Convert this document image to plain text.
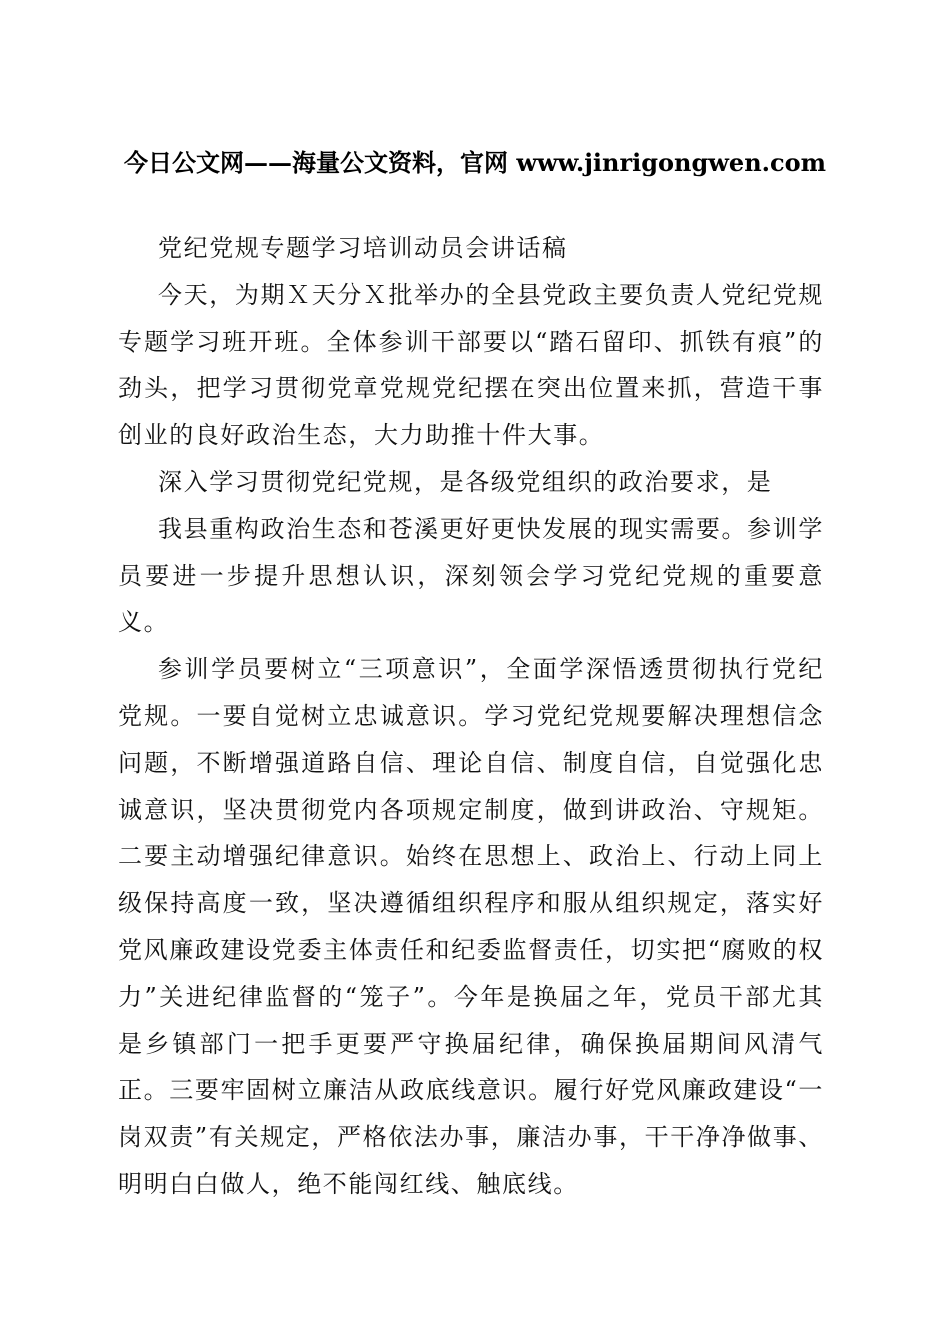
今日公文网——海量公文资料，官网 www.jinrigongwen.com

党纪党规专题学习培训动员会讲话稿

今天，为期Ｘ天分Ｘ批举办的全县党政主要负责人党纪党规专题学习班开班。全体参训干部要以“踏石留印、抓铁有痕”的劲头，把学习贯彻党章党规党纪摆在突出位置来抓，营造干事创业的良好政治生态，大力助推十件大事。

深入学习贯彻党纪党规，是各级党组织的政治要求，是

我县重构政治生态和苍溪更好更快发展的现实需要。参训学员要进一步提升思想认识，深刻领会学习党纪党规的重要意义。

参训学员要树立“三项意识”，全面学深悟透贯彻执行党纪党规。一要自觉树立忠诚意识。学习党纪党规要解决理想信念问题，不断增强道路自信、理论自信、制度自信，自觉强化忠诚意识，坚决贯彻党内各项规定制度，做到讲政治、守规矩。二要主动增强纪律意识。始终在思想上、政治上、行动上同上级保持高度一致，坚决遵循组织程序和服从组织规定，落实好党风廉政建设党委主体责任和纪委监督责任，切实把“腐败的权力”关进纪律监督的“笼子”。今年是换届之年，党员干部尤其是乡镇部门一把手更要严守换届纪律，确保换届期间风清气正。三要牢固树立廉洁从政底线意识。履行好党风廉政建设“一岗双责”有关规定，严格依法办事，廉洁办事，干干净净做事、明明白白做人，绝不能闯红线、触底线。
